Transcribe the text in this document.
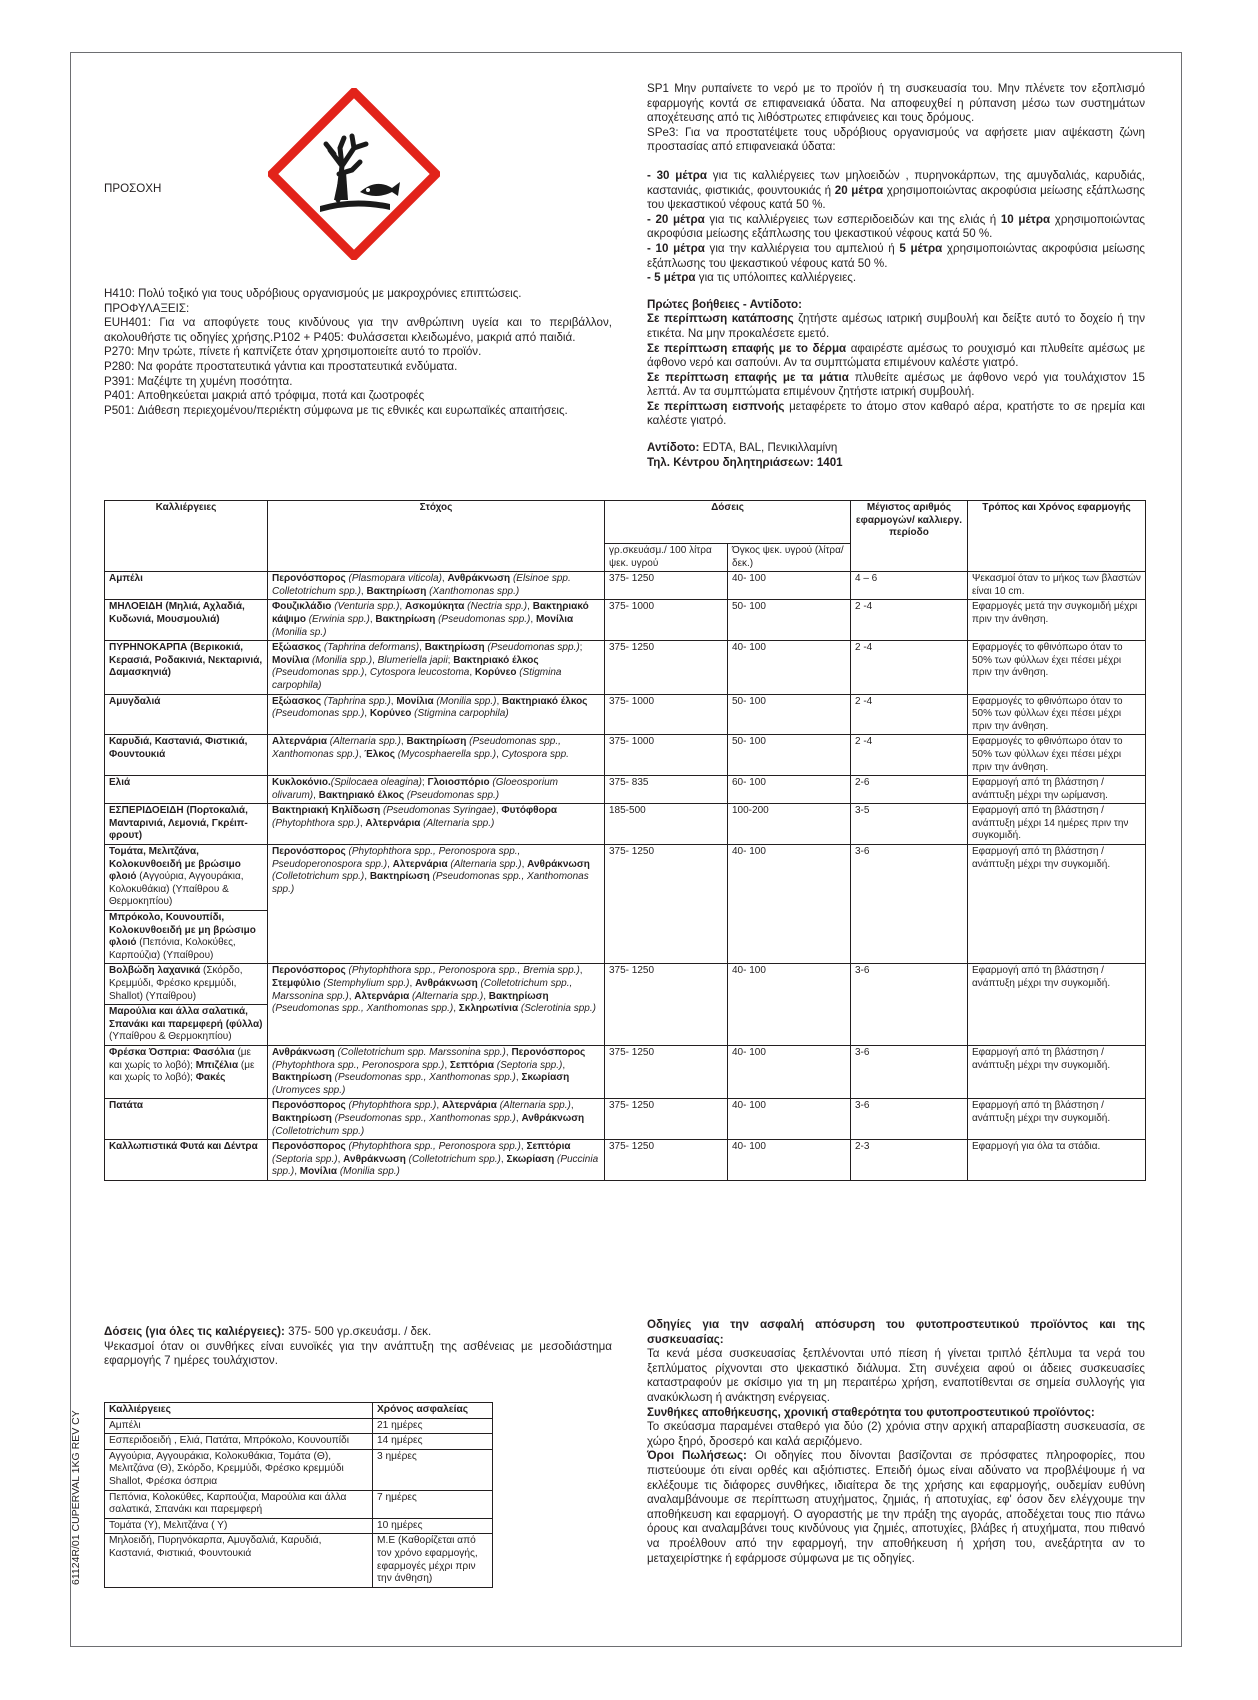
ΠΡΟΣΟΧΗ
H410: Πολύ τοξικό για τους υδρόβιους οργανισμούς με μακροχρόνιες επιπτώσεις.
ΠΡΟΦΥΛΑΞΕΙΣ:
EUH401: Για να αποφύγετε τους κινδύνους για την ανθρώπινη υγεία και το περιβάλλον, ακολουθήστε τις οδηγίες χρήσης.P102 + P405: Φυλάσσεται κλειδωμένο, μακριά από παιδιά.
P270: Μην τρώτε, πίνετε ή καπνίζετε όταν χρησιμοποιείτε αυτό το προϊόν.
P280: Να φοράτε προστατευτικά γάντια και προστατευτικά ενδύματα.
P391: Μαζέψτε τη χυμένη ποσότητα.
P401: Αποθηκεύεται μακριά από τρόφιμα, ποτά και ζωοτροφές
P501: Διάθεση περιεχομένου/περιέκτη σύμφωνα με τις εθνικές και ευρωπαϊκές απαιτήσεις.
SP1 Μην ρυπαίνετε το νερό με το προϊόν ή τη συσκευασία του. Μην πλένετε τον εξοπλισμό εφαρμογής κοντά σε επιφανειακά ύδατα. Να αποφευχθεί η ρύπανση μέσω των συστημάτων αποχέτευσης από τις λιθόστρωτες επιφάνειες και τους δρόμους.
SPe3: Για να προστατέψετε τους υδρόβιους οργανισμούς να αφήσετε μιαν αψέκαστη ζώνη προστασίας από επιφανειακά ύδατα:
- 30 μέτρα για τις καλλιέργειες των μηλοειδών , πυρηνοκάρπων, της αμυγδαλιάς, καρυδιάς, καστανιάς, φιστικιάς, φουντουκιάς ή 20 μέτρα χρησιμοποιώντας ακροφύσια μείωσης εξάπλωσης του ψεκαστικού νέφους κατά 50 %.
- 20 μέτρα για τις καλλιέργειες των εσπεριδοειδών και της ελιάς ή 10 μέτρα χρησιμοποιώντας ακροφύσια μείωσης εξάπλωσης του ψεκαστικού νέφους κατά 50 %.
- 10 μέτρα για την καλλιέργεια του αμπελιού ή 5 μέτρα χρησιμοποιώντας ακροφύσια μείωσης εξάπλωσης του ψεκαστικού νέφους κατά 50 %.
- 5 μέτρα για τις υπόλοιπες καλλιέργειες.
Πρώτες βοήθειες - Αντίδοτο:
Σε περίπτωση κατάποσης ζητήστε αμέσως ιατρική συμβουλή και δείξτε αυτό το δοχείο ή την ετικέτα. Να μην προκαλέσετε εμετό.
Σε περίπτωση επαφής με το δέρμα αφαιρέστε αμέσως το ρουχισμό και πλυθείτε αμέσως με άφθονο νερό και σαπούνι. Αν τα συμπτώματα επιμένουν καλέστε γιατρό.
Σε περίπτωση επαφής με τα μάτια πλυθείτε αμέσως με άφθονο νερό για τουλάχιστον 15 λεπτά. Αν τα συμπτώματα επιμένουν ζητήστε ιατρική συμβουλή.
Σε περίπτωση εισπνοής μεταφέρετε το άτομο στον καθαρό αέρα, κρατήστε το σε ηρεμία και καλέστε γιατρό.
Αντίδοτο: EDTA, BAL, Πενικιλλαμίνη
Τηλ. Κέντρου δηλητηριάσεων: 1401
Καλλιέργειες	Στόχος	Δόσεις		Μέγιστος αριθμός εφαρμογών/ καλλιεργ. περίοδο	Τρόπος και Χρόνος εφαρμογής
		γρ.σκευάσμ./ 100 λίτρα ψεκ. υγρού	Όγκος ψεκ. υγρού (λίτρα/ δεκ.)		
Αμπέλι	Περονόσπορος (Plasmopara viticola), Ανθράκνωση (Elsinoe spp. Colletotrichum spp.), Βακτηρίωση (Xanthomonas spp.)	375- 1250	40- 100	4 – 6	Ψεκασμοί όταν το μήκος των βλαστών είναι 10 cm.
ΜΗΛΟΕΙΔΗ (Μηλιά, Αχλαδιά, Κυδωνιά, Μουσμουλιά)	Φουζικλάδιο (Venturia spp.), Ασκομύκητα (Nectria spp.), Βακτηριακό κάψιμο (Erwinia spp.), Βακτηρίωση (Pseudomonas spp.), Μονίλια (Monilia sp.)	375- 1000	50- 100	2 -4	Εφαρμογές μετά την συγκομιδή μέχρι πριν την άνθηση.
ΠΥΡΗΝΟΚΑΡΠΑ (Βερικοκιά, Κερασιά, Ροδακινιά, Νεκταρινιά, Δαμασκηνιά)	Εξώασκος (Taphrina deformans), Βακτηρίωση (Pseudomonas spp.); Μονίλια (Monilia spp.), Blumeriella japii; Βακτηριακό έλκος (Pseudomonas spp.), Cytospora leucostoma, Κορύνεο (Stigmina carpophila)	375- 1250	40- 100	2 -4	Εφαρμογές το φθινόπωρο όταν το 50% των φύλλων έχει πέσει μέχρι πριν την άνθηση.
Αμυγδαλιά	Εξώασκος (Taphrina spp.), Μονίλια (Monilia spp.), Βακτηριακό έλκος (Pseudomonas spp.), Κορύνεο (Stigmina carpophila)	375- 1000	50- 100	2 -4	Εφαρμογές το φθινόπωρο όταν το 50% των φύλλων έχει πέσει μέχρι πριν την άνθηση.
Καρυδιά, Καστανιά, Φιστικιά, Φουντουκιά	Αλτερνάρια (Alternaria spp.), Βακτηρίωση (Pseudomonas spp., Xanthomonas spp.), Έλκος (Mycosphaerella spp.), Cytospora spp.	375- 1000	50- 100	2 -4	Εφαρμογές το φθινόπωρο όταν το 50% των φύλλων έχει πέσει μέχρι πριν την άνθηση.
Ελιά	Κυκλοκόνιο.(Spilocaea oleagina); Γλοιοσπόριο (Gloeosporium olivarum), Βακτηριακό έλκος (Pseudomonas spp.)	375- 835	60- 100	2-6	Εφαρμογή από τη βλάστηση / ανάπτυξη μέχρι την ωρίμανση.
ΕΣΠΕΡΙΔΟΕΙΔΗ (Πορτοκαλιά, Μανταρινιά, Λεμονιά, Γκρέιπ-φρουτ)	Βακτηριακή Κηλίδωση (Pseudomonas Syringae), Φυτόφθορα (Phytophthora spp.), Αλτερνάρια (Alternaria spp.)	185-500	100-200	3-5	Εφαρμογή από τη βλάστηση / ανάπτυξη μέχρι 14 ημέρες πριν την συγκομιδή.
Τομάτα, Μελιτζάνα, Κολοκυνθοειδή με βρώσιμο φλοιό (Αγγούρια, Αγγουράκια, Κολοκυθάκια) (Υπαίθρου & Θερμοκηπίου)	Περονόσπορος (Phytophthora spp., Peronospora spp., Pseudoperonospora spp.), Αλτερνάρια (Alternaria spp.), Ανθράκνωση (Colletotrichum spp.), Βακτηρίωση (Pseudomonas spp., Xanthomonas spp.)	375- 1250	40- 100	3-6	Εφαρμογή από τη βλάστηση / ανάπτυξη μέχρι την συγκομιδή.
Μπρόκολο, Κουνουπίδι, Κολοκυνθοειδή με μη βρώσιμο φλοιό (Πεπόνια, Κολοκύθες, Καρπούζια) (Υπαίθρου)					
Βολβώδη λαχανικά (Σκόρδο, Κρεμμύδι, Φρέσκο κρεμμύδι, Shallot) (Υπαίθρου)	Περονόσπορος (Phytophthora spp., Peronospora spp., Bremia spp.), Στεμφύλιο (Stemphylium spp.), Ανθράκνωση (Colletotrichum spp., Marssonina spp.), Αλτερνάρια (Alternaria spp.), Βακτηρίωση (Pseudomonas spp., Xanthomonas spp.), Σκληρωτίνια (Sclerotinia spp.)	375- 1250	40- 100	3-6	Εφαρμογή από τη βλάστηση / ανάπτυξη μέχρι την συγκομιδή.
Μαρούλια και άλλα σαλατικά, Σπανάκι και παρεμφερή (φύλλα) (Υπαίθρου & Θερμοκηπίου)					
Φρέσκα Όσπρια: Φασόλια (με και χωρίς το λοβό); Μπιζέλια (με και χωρίς το λοβό); Φακές	Ανθράκνωση (Colletotrichum spp. Marssonina spp.), Περονόσπορος (Phytophthora spp., Peronospora spp.), Σεπτόρια (Septoria spp.), Βακτηρίωση (Pseudomonas spp., Xanthomonas spp.), Σκωρίαση (Uromyces spp.)	375- 1250	40- 100	3-6	Εφαρμογή από τη βλάστηση / ανάπτυξη μέχρι την συγκομιδή.
Πατάτα	Περονόσπορος (Phytophthora spp.), Αλτερνάρια (Alternaria spp.), Βακτηρίωση (Pseudomonas spp., Xanthomonas spp.), Ανθράκνωση (Colletotrichum spp.)	375- 1250	40- 100	3-6	Εφαρμογή από τη βλάστηση / ανάπτυξη μέχρι την συγκομιδή.
Καλλωπιστικά Φυτά και Δέντρα	Περονόσπορος (Phytophthora spp., Peronospora spp.), Σεπτόρια (Septoria spp.), Ανθράκνωση (Colletotrichum spp.), Σκωρίαση (Puccinia spp.), Μονίλια (Monilia spp.)	375- 1250	40- 100	2-3	Εφαρμογή για όλα τα στάδια.
Δόσεις (για όλες τις καλιέργειες): 375- 500 γρ.σκευάσμ. / δεκ.
Ψεκασμοί όταν οι συνθήκες είναι ευνοϊκές για την ανάπτυξη της ασθένειας με μεσοδιάστημα εφαρμογής 7 ημέρες τουλάχιστον.
Καλλιέργειες	Χρόνος ασφαλείας
Αμπέλι	21 ημέρες
Εσπεριδοειδή , Ελιά, Πατάτα, Μπρόκολο, Κουνουπίδι	14 ημέρες
Αγγούρια, Αγγουράκια, Κολοκυθάκια, Τομάτα (Θ), Μελιτζάνα (Θ), Σκόρδο, Κρεμμύδι, Φρέσκο κρεμμύδι Shallot, Φρέσκα όσπρια	3 ημέρες
Πεπόνια, Κολοκύθες, Καρπούζια, Μαρούλια και άλλα σαλατικά, Σπανάκι και παρεμφερή	7 ημέρες
Τομάτα (Υ), Μελιτζάνα ( Υ)	10 ημέρες
Μηλοειδή, Πυρηνόκαρπα, Αμυγδαλιά, Καρυδιά, Καστανιά, Φιστικιά, Φουντουκιά	Μ.Ε (Καθορίζεται από τον χρόνο εφαρμογής, εφαρμογές μέχρι πριν την άνθηση)
Οδηγίες για την ασφαλή απόσυρση του φυτοπροστευτικού προϊόντος και της συσκευασίας:
Τα κενά μέσα συσκευασίας ξεπλένονται υπό πίεση ή γίνεται τριπλό ξέπλυμα τα νερά του ξεπλύματος ρίχνονται στο ψεκαστικό διάλυμα. Στη συνέχεια αφού οι άδειες συσκευασίες καταστραφούν με σκίσιμο για τη μη περαιτέρω χρήση, εναποτίθενται σε σημεία συλλογής για ανακύκλωση ή ανάκτηση ενέργειας.
Συνθήκες αποθήκευσης, χρονική σταθερότητα του φυτοπροστευτικού προϊόντος:
Το σκεύασμα παραμένει σταθερό για δύο (2) χρόνια στην αρχική απαραβίαστη συσκευασία, σε χώρο ξηρό, δροσερό και καλά αεριζόμενο.
Όροι Πωλήσεως: Οι οδηγίες που δίνονται βασίζονται σε πρόσφατες πληροφορίες, που πιστεύουμε ότι είναι ορθές και αξιόπιστες. Επειδή όμως είναι αδύνατο να προβλέψουμε ή να εκλέξουμε τις διάφορες συνθήκες, ιδιαίτερα δε της χρήσης και εφαρμογής, ουδεμίαν ευθύνη αναλαμβάνουμε σε περίπτωση ατυχήματος, ζημιάς, ή αποτυχίας, εφ' όσον δεν ελέγχουμε την αποθήκευση και εφαρμογή. Ο αγοραστής με την πράξη της αγοράς, αποδέχεται τους πιο πάνω όρους και αναλαμβάνει τους κινδύνους για ζημιές, αποτυχίες, βλάβες ή ατυχήματα, που πιθανό να προέλθουν από την εφαρμογή, την αποθήκευση ή χρήση του, ανεξάρτητα αν το μεταχειρίστηκε ή εφάρμοσε σύμφωνα με τις οδηγίες.
61124R/01 CUPERVAL 1KG REV CY
